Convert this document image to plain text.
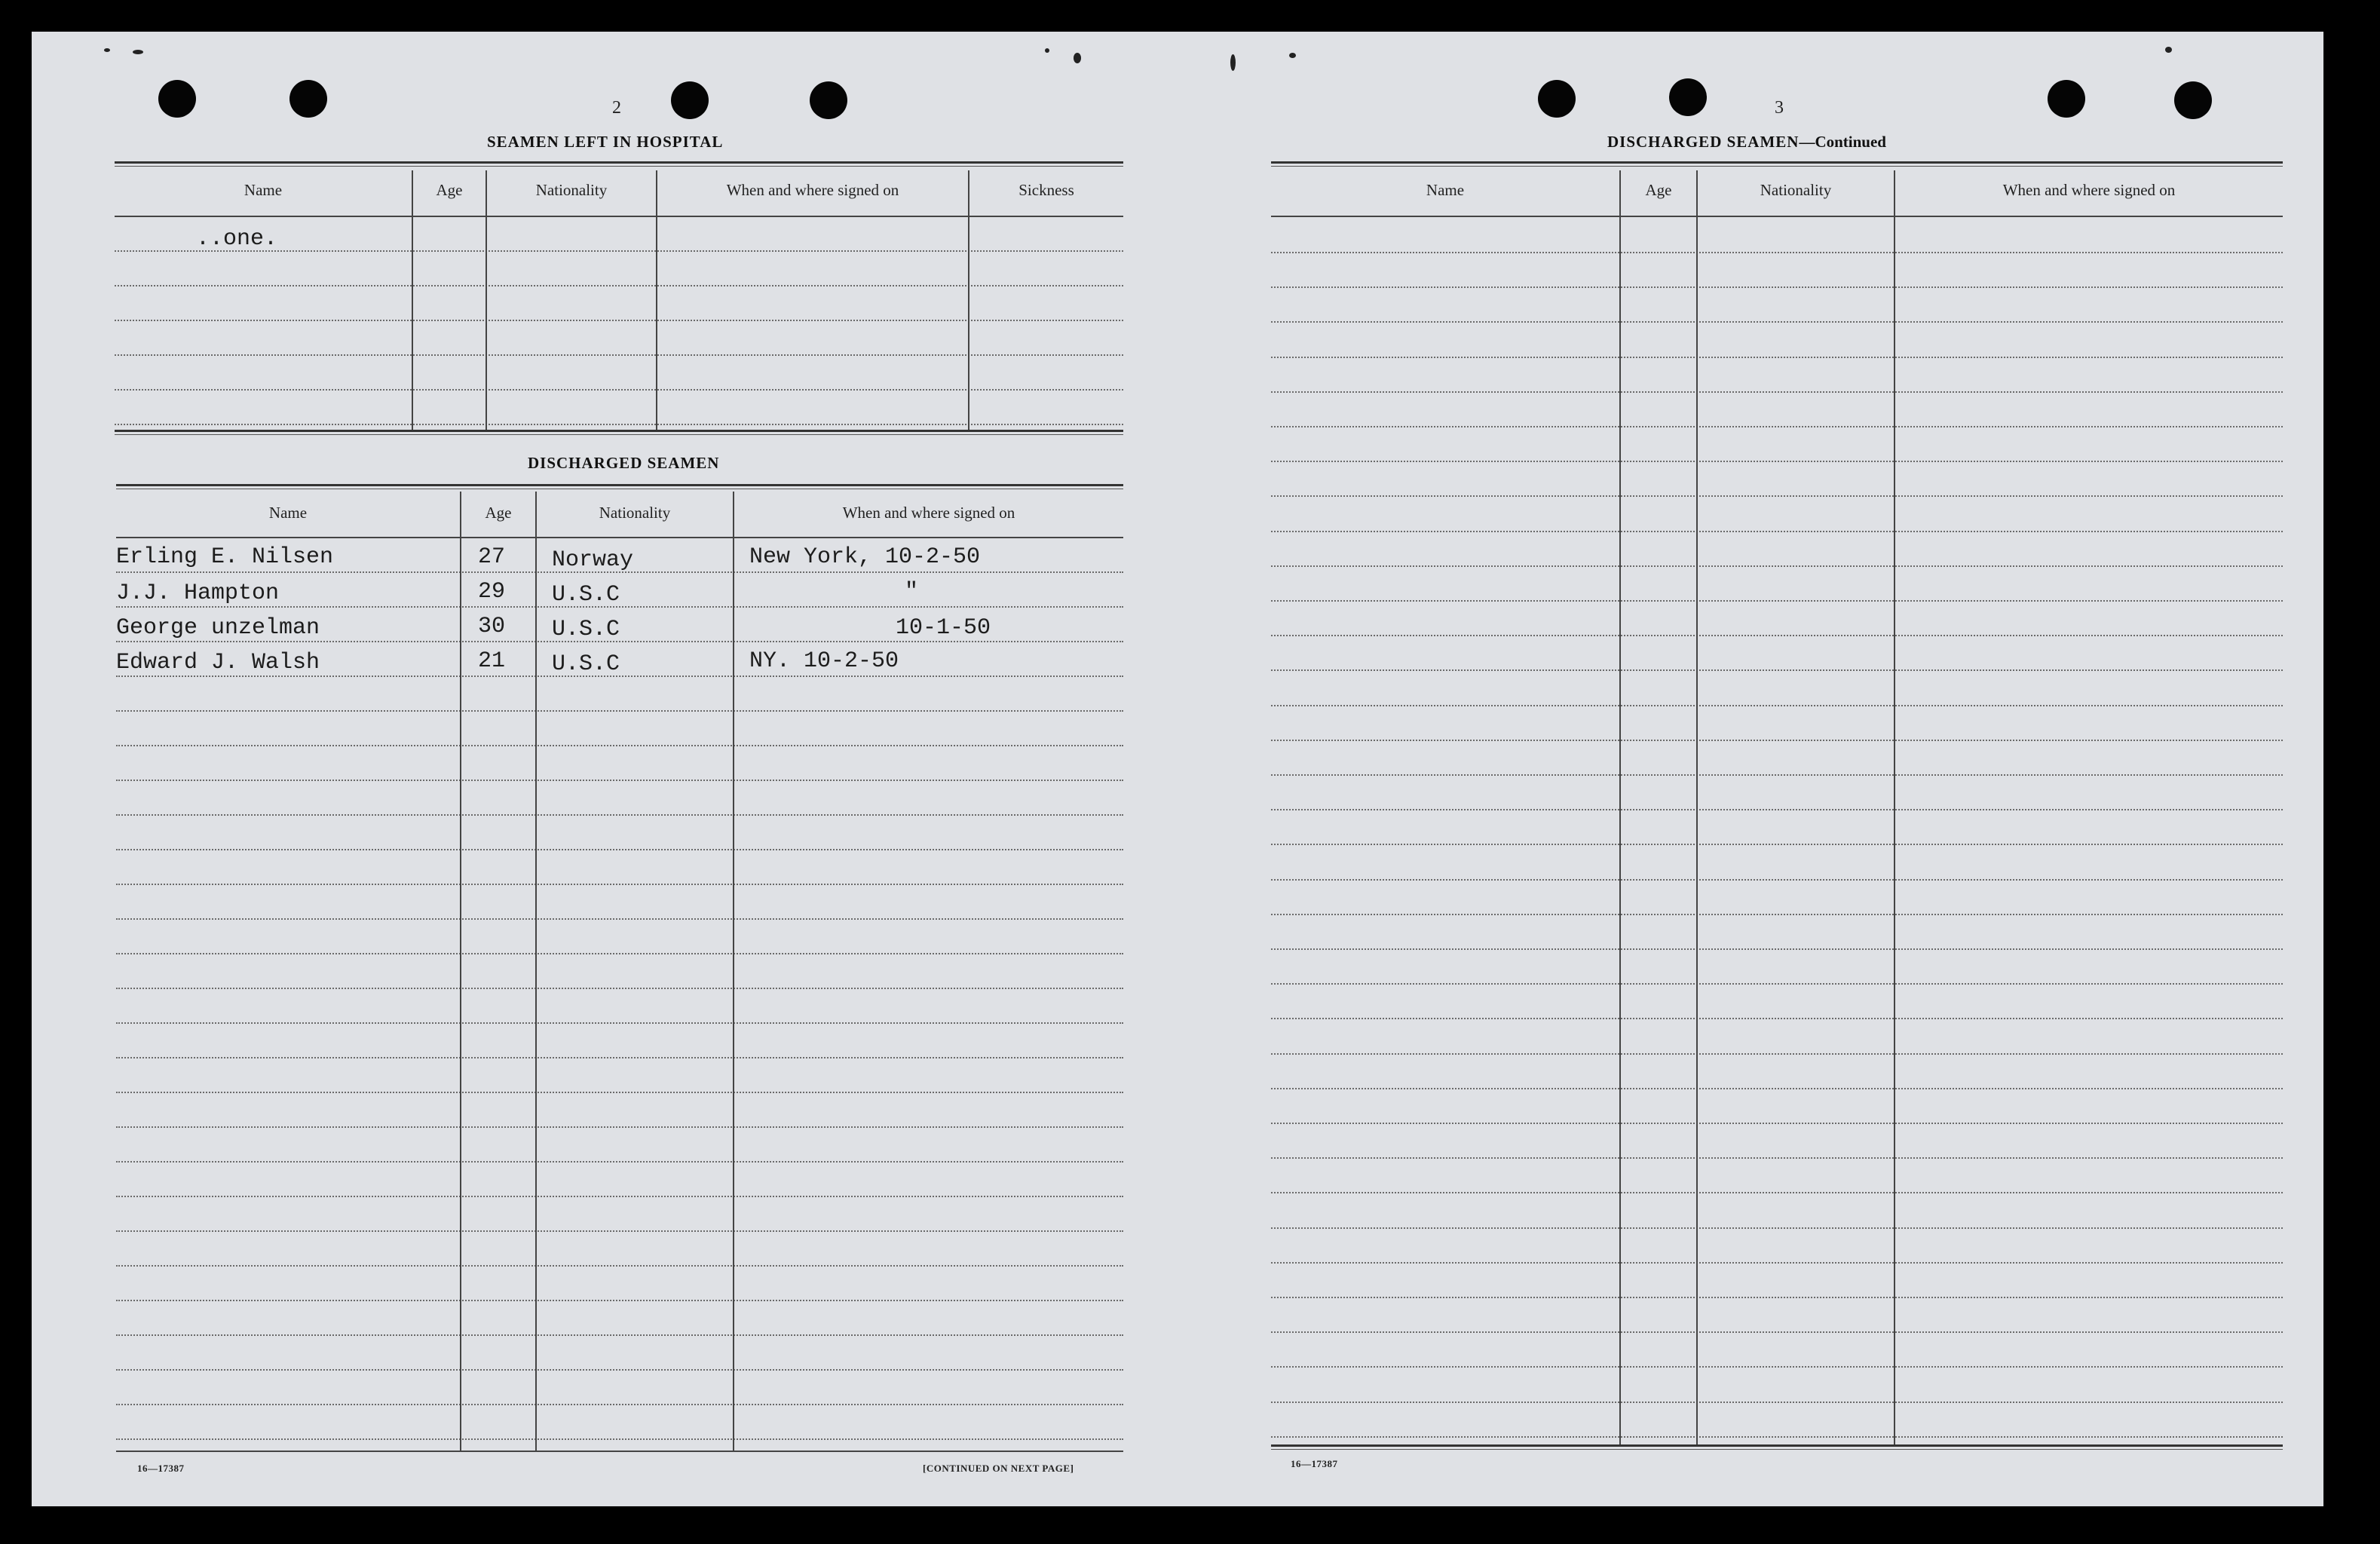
2
SEAMEN LEFT IN HOSPITAL
Name	Age	Nationality	When and where signed on	Sickness
..one.
DISCHARGED SEAMEN
Name	Age	Nationality	When and where signed on
Erling E. Nilsen	27 Norway	New York, 10-2-50
J.J. Hampton	29 U.S.C	"
George unzelman	30 U.S.C	10-1-50
Edward J. Walsh	21 U.S.C	NY. 10-2-50
16—17387	[CONTINUED ON NEXT PAGE]
3
DISCHARGED SEAMEN—Continued
Name	Age	Nationality	When and where signed on
16—17387
